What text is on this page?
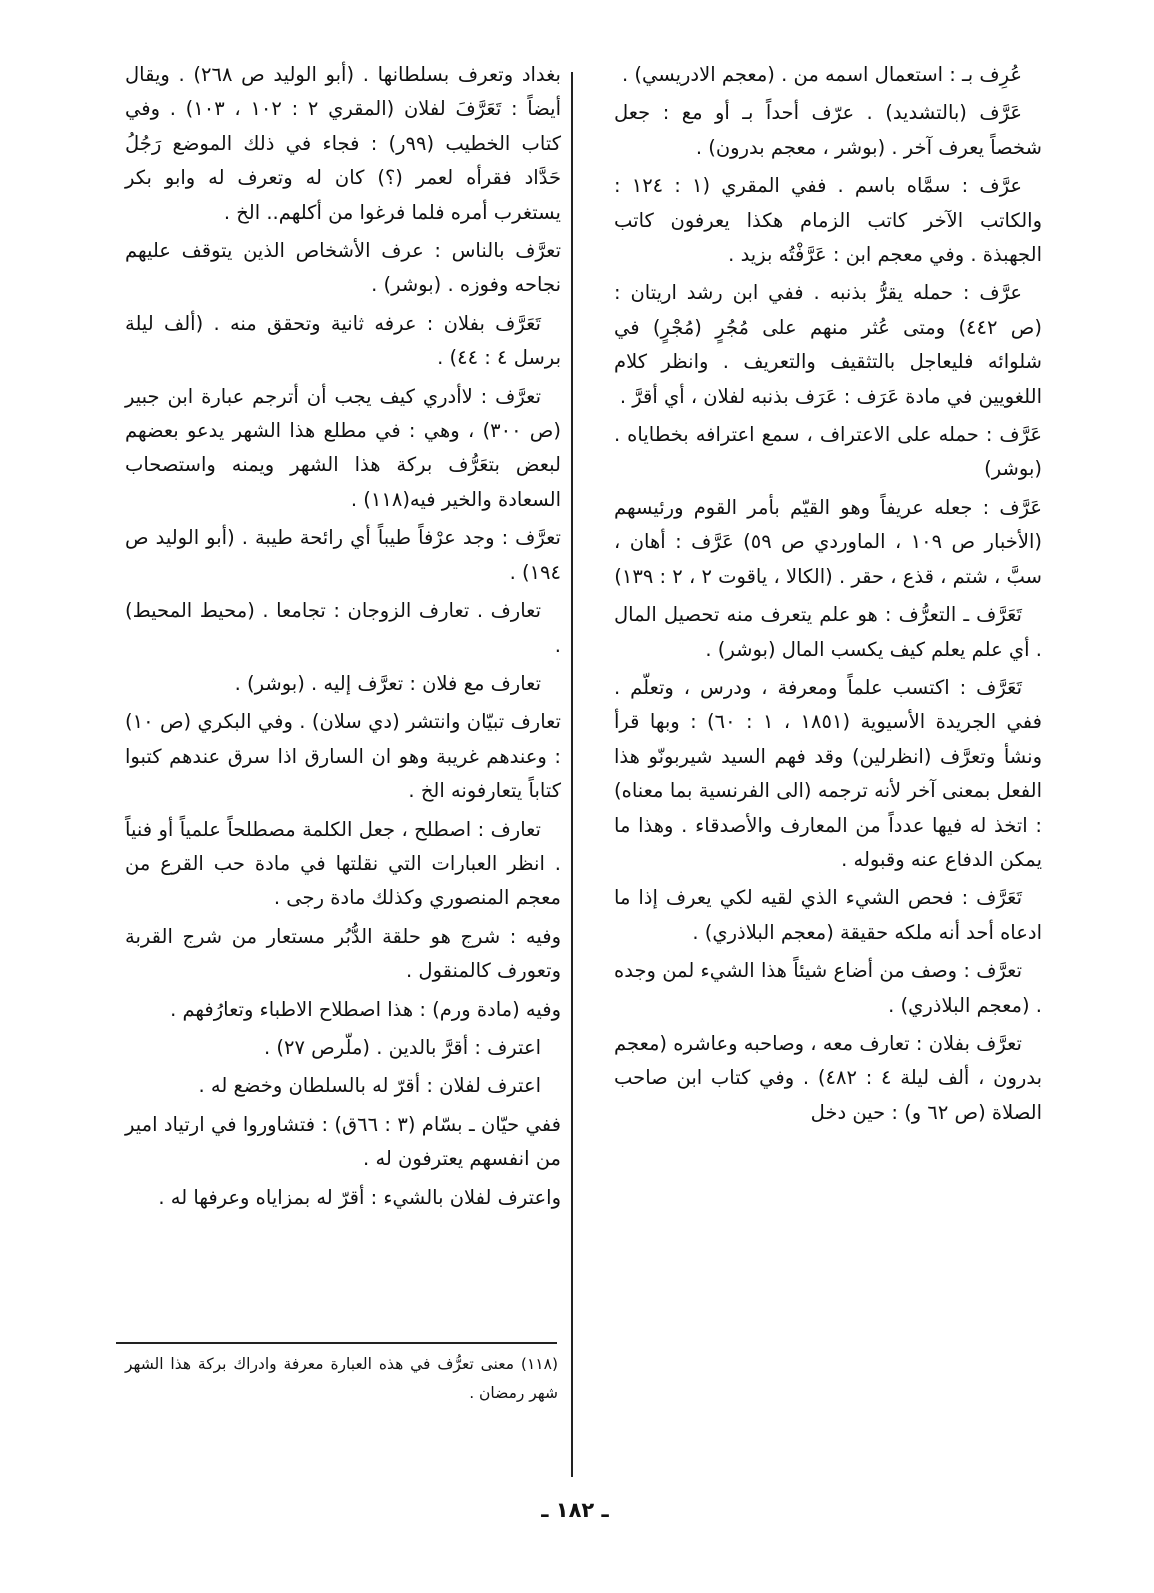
عُرِف بـ : استعمال اسمه من . (معجم الادريسي) .

عَرَّف (بالتشديد) . عرّف أحداً بـ أو مع : جعل شخصاً يعرف آخر . (بوشر ، معجم بدرون) .

عرَّف : سمَّاه باسم . ففي المقري (١ : ١٢٤ : والكاتب الآخر كاتب الزمام هكذا يعرفون كاتب الجهبذة . وفي معجم ابن : عَرَّفْتُه بزيد .

عرَّف : حمله يقرُّ بذنبه . ففي ابن رشد اريتان : (ص ٤٤٢) ومتى عُثر منهم على مُجُرٍ (مُجْرٍ) في شلوائه فليعاجل بالتثقيف والتعريف . وانظر كلام اللغويين في مادة عَرَف : عَرَف بذنبه لفلان ، أي أقرَّ .

عَرَّف : حمله على الاعتراف ، سمع اعترافه بخطاياه . (بوشر)

عَرَّف : جعله عريفاً وهو القيّم بأمر القوم ورئيسهم (الأخبار ص ١٠٩ ، الماوردي ص ٥٩) عَرَّف : أهان ، سبَّ ، شتم ، قذع ، حقر . (الكالا ، ياقوت ٢ ، ٢ : ١٣٩)

تَعَرَّف ـ التعرُّف : هو علم يتعرف منه تحصيل المال . أي علم يعلم كيف يكسب المال (بوشر) .

تَعَرَّف : اكتسب علماً ومعرفة ، ودرس ، وتعلّم . ففي الجريدة الأسيوية (١٨٥١ ، ١ : ٦٠) : وبها قرأ ونشأ وتعرَّف (انظرلين) وقد فهم السيد شيربونّو هذا الفعل بمعنى آخر لأنه ترجمه (الى الفرنسية بما معناه) : اتخذ له فيها عدداً من المعارف والأصدقاء . وهذا ما يمكن الدفاع عنه وقبوله .

تَعَرَّف : فحص الشيء الذي لقيه لكي يعرف إذا ما ادعاه أحد أنه ملكه حقيقة (معجم البلاذري) .

تعرَّف : وصف من أضاع شيئاً هذا الشيء لمن وجده . (معجم البلاذري) .

تعرَّف بفلان : تعارف معه ، وصاحبه وعاشره (معجم بدرون ، ألف ليلة ٤ : ٤٨٢) . وفي كتاب ابن صاحب الصلاة (ص ٦٢ و) : حين دخل

بغداد وتعرف بسلطانها . (أبو الوليد ص ٢٦٨) . ويقال أيضاً : تَعَرَّفَ لفلان (المقري ٢ : ١٠٢ ، ١٠٣) . وفي كتاب الخطيب (٩٩ر) : فجاء في ذلك الموضع رَجُلُ حَدَّاد فقرأه لعمر (؟) كان له وتعرف له وابو بكر يستغرب أمره فلما فرغوا من أكلهم.. الخ .

تعرَّف بالناس : عرف الأشخاص الذين يتوقف عليهم نجاحه وفوزه . (بوشر) .

تَعَرَّف بفلان : عرفه ثانية وتحقق منه . (ألف ليلة برسل ٤ : ٤٤) .

تعرَّف : لاأدري كيف يجب أن أترجم عبارة ابن جبير (ص ٣٠٠) ، وهي : في مطلع هذا الشهر يدعو بعضهم لبعض بتعَرُّف بركة هذا الشهر ويمنه واستصحاب السعادة والخير فيه(١١٨) .

تعرَّف : وجد عرْفاً طيباً أي رائحة طيبة . (أبو الوليد ص ١٩٤) .

تعارف . تعارف الزوجان : تجامعا . (محيط المحيط) .

تعارف مع فلان : تعرَّف إليه . (بوشر) .

تعارف تبيّان وانتشر (دي سلان) . وفي البكري (ص ١٠) : وعندهم غريبة وهو ان السارق اذا سرق عندهم كتبوا كتاباً يتعارفونه الخ .

تعارف : اصطلح ، جعل الكلمة مصطلحاً علمياً أو فنياً . انظر العبارات التي نقلتها في مادة حب القرع من معجم المنصوري وكذلك مادة رجى .

وفيه : شرج هو حلقة الدُّبُر مستعار من شرج القربة وتعورف كالمنقول .

وفيه (مادة ورم) : هذا اصطلاح الاطباء وتعارُفهم .

اعترف : أقرَّ بالدين . (ملّرص ٢٧) .

اعترف لفلان : أقرّ له بالسلطان وخضع له .

ففي حيّان ـ بسّام (٣ : ٦٦ق) : فتشاوروا في ارتياد امير من انفسهم يعترفون له .

واعترف لفلان بالشيء : أقرّ له بمزاياه وعرفها له .

(١١٨) معنى تعرُّف في هذه العبارة معرفة وادراك بركة هذا الشهر شهر رمضان .
ـ ١٨٢ ـ
